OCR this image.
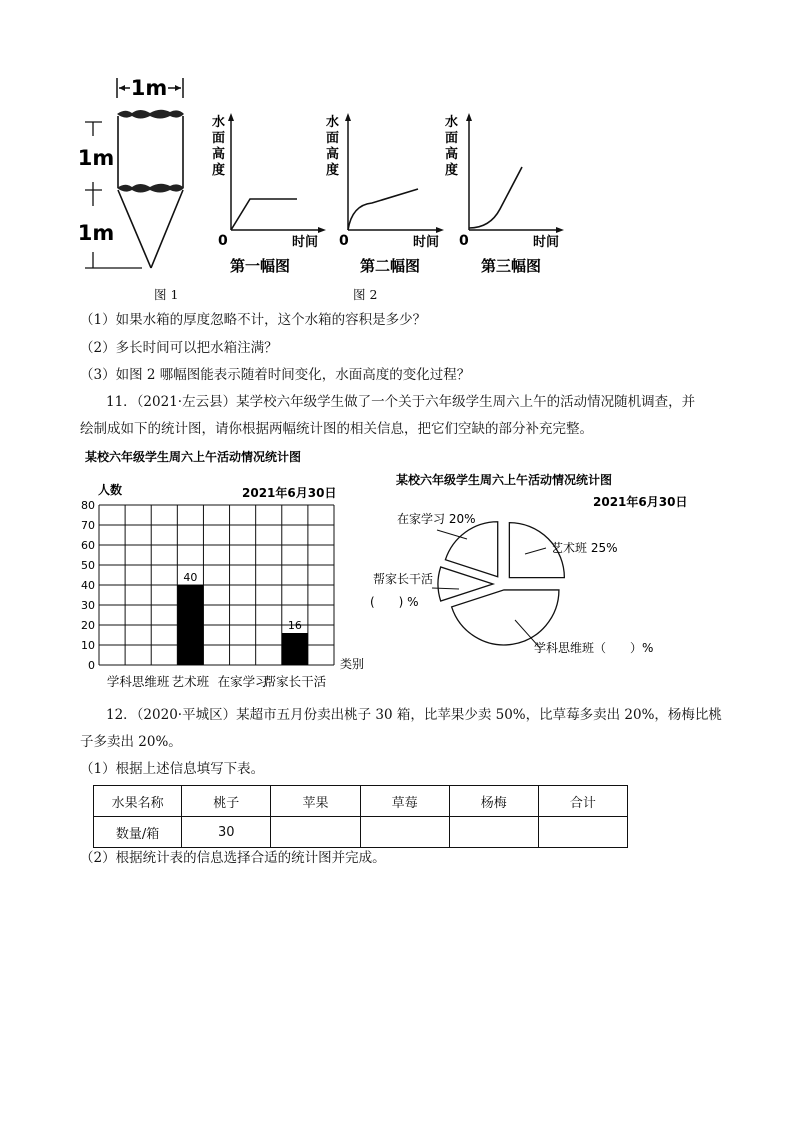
1m
1m
1m
图 1
水
面
高
度
0	时间
第一幅图
水
面
高
度
0	时间
第二幅图
水
面
高
度
0	时间
第三幅图
图 2
（1）如果水箱的厚度忽略不计，这个水箱的容积是多少？
（2）多长时间可以把水箱注满？
（3）如图 2 哪幅图能表示随着时间变化，水面高度的变化过程？
11．（2021·左云县）某学校六年级学生做了一个关于六年级学生周六上午的活动情况随机调查，并
绘制成如下的统计图，请你根据两幅统计图的相关信息，把它们空缺的部分补充完整。
某校六年级学生周六上午活动情况统计图
人数	2021年6月30日
0
10
20
30
40
50
60
70
80
学科思维班
40
艺术班 在家学习
16
帮家长干活
类别
某校六年级学生周六上午活动情况统计图
2021年6月30日
艺术班 25%
学科思维班（　　）%
帮家长干活
(　　) %
在家学习 20%
12．（2020·平城区）某超市五月份卖出桃子 30 箱，比苹果少卖 50%，比草莓多卖出 20%，杨梅比桃
子多卖出 20%。
（1）根据上述信息填写下表。
水果名称	桃子	苹果	草莓	杨梅	合计
数量/箱	30				
（2）根据统计表的信息选择合适的统计图并完成。
